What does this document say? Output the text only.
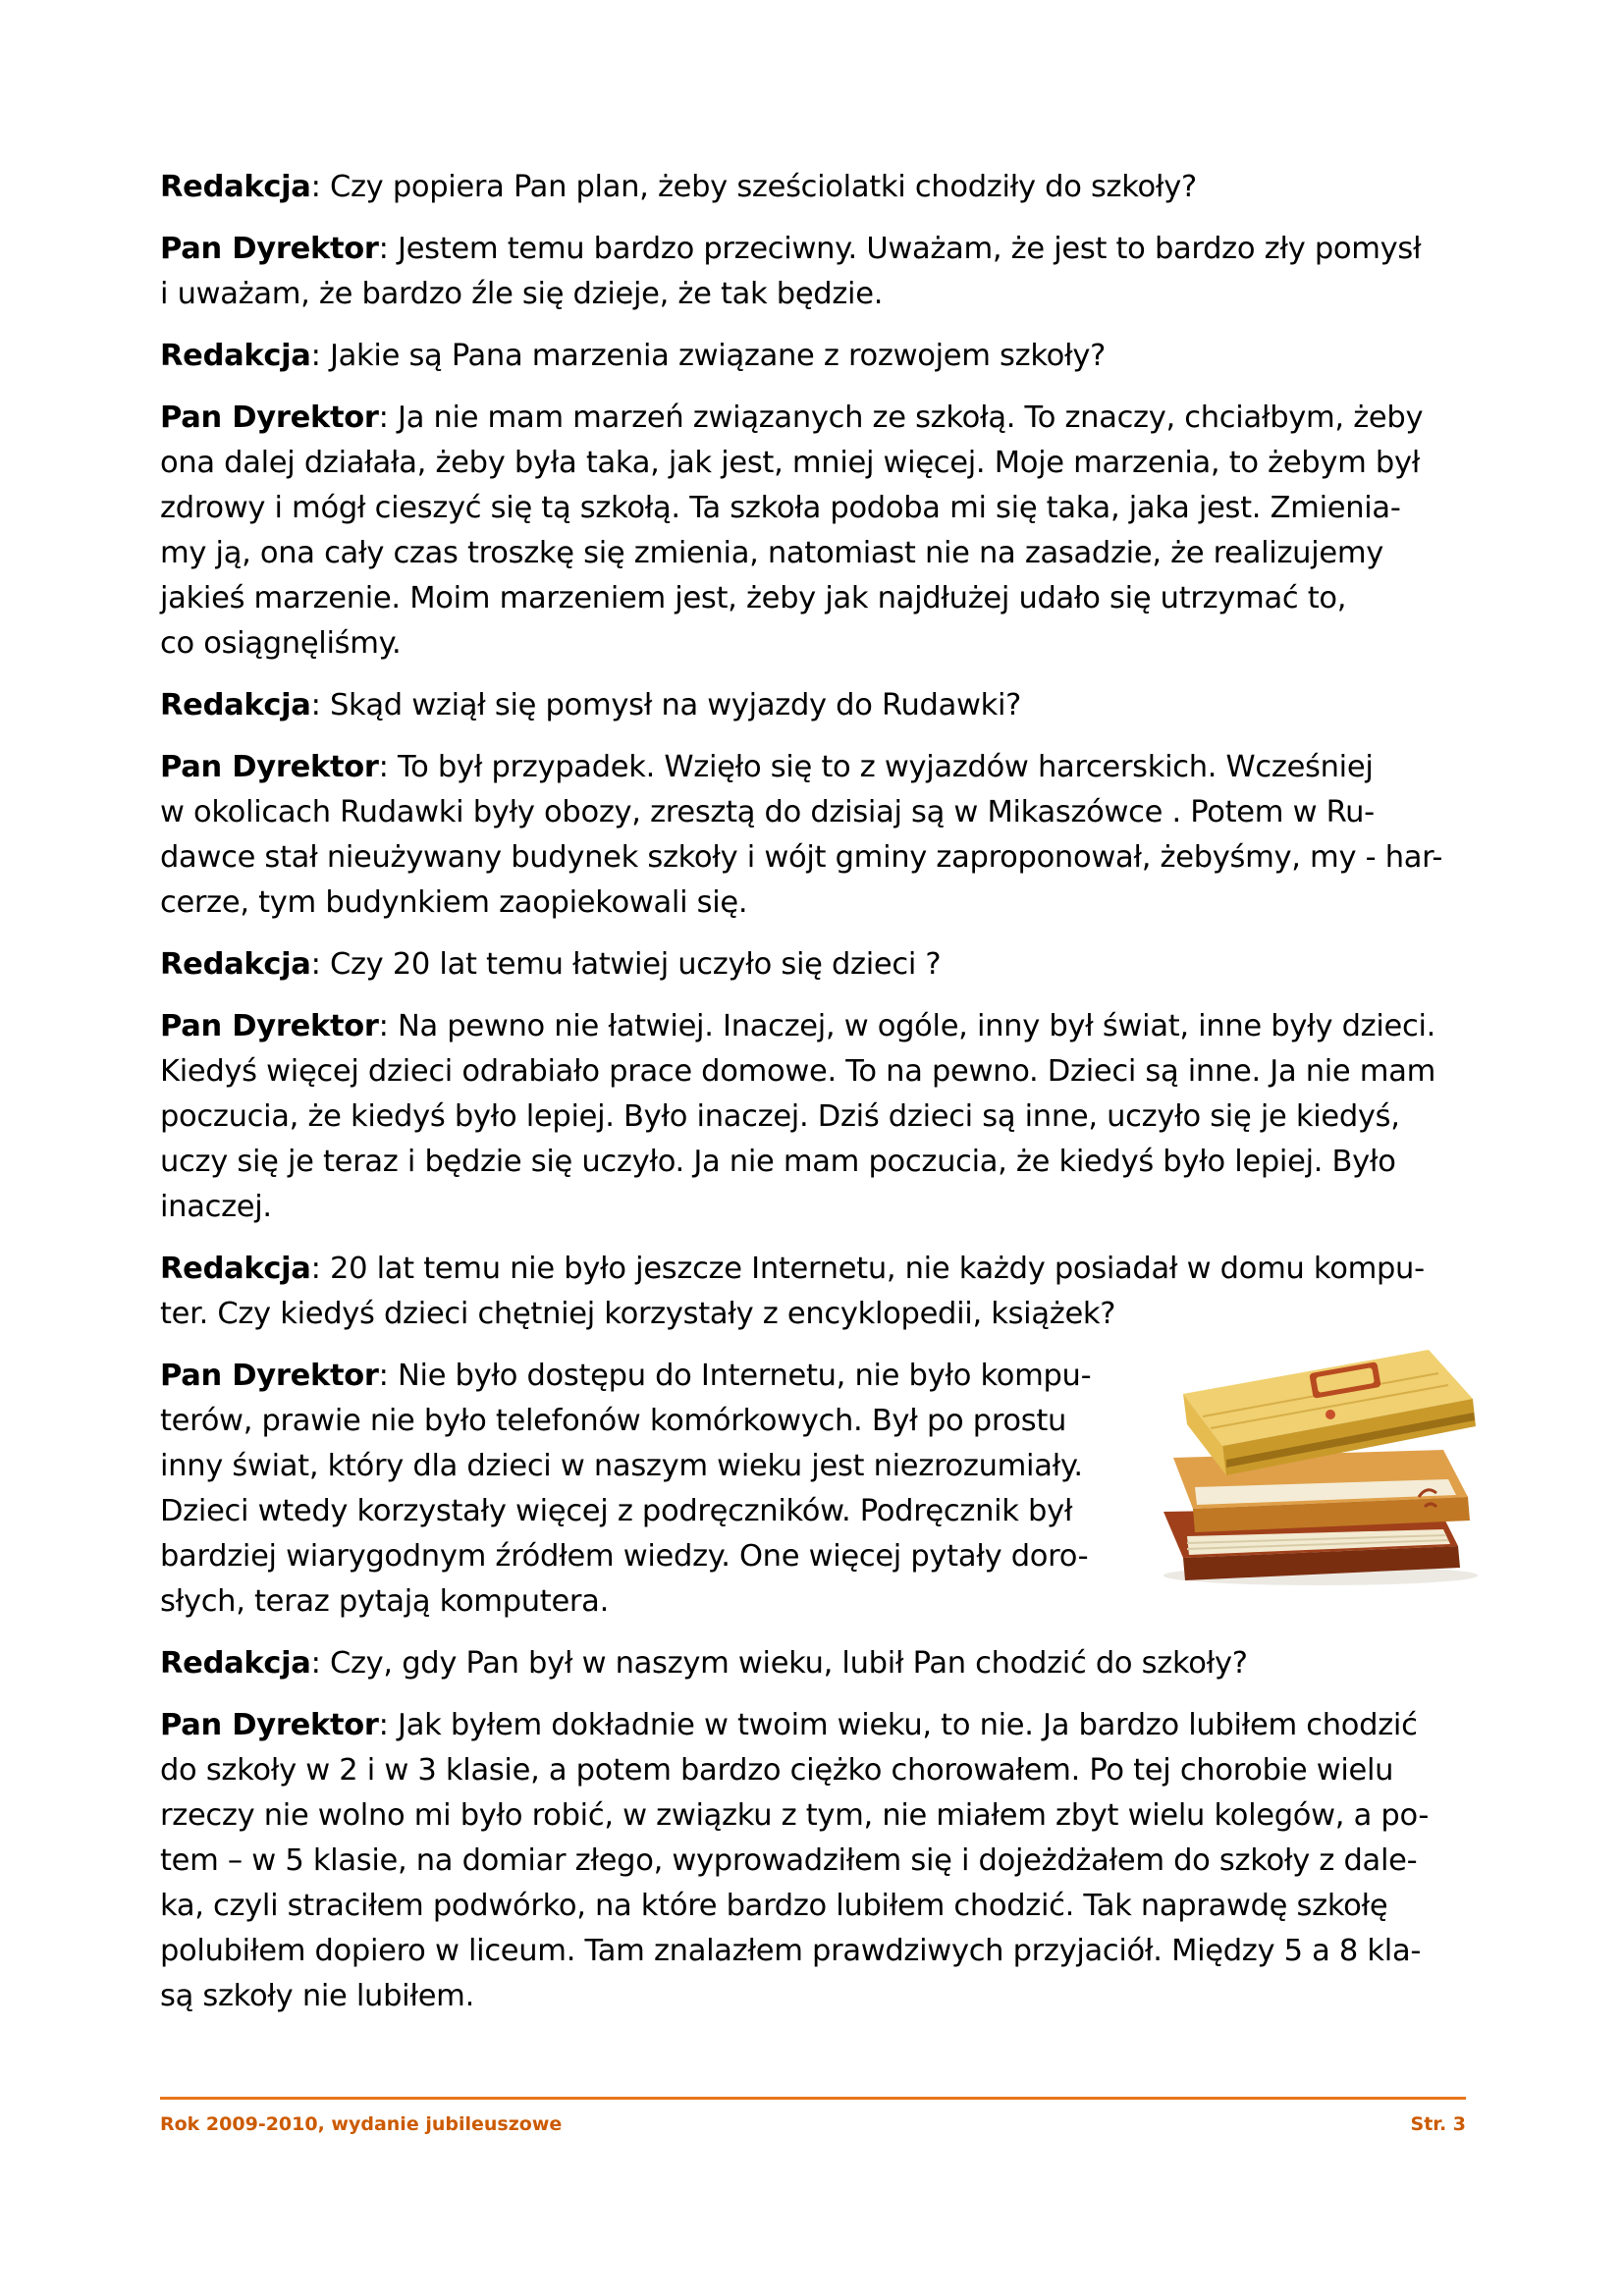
Redakcja: Czy popiera Pan plan, żeby sześciolatki chodziły do szkoły?
Pan Dyrektor: Jestem temu bardzo przeciwny. Uważam, że jest to bardzo zły pomysł
i uważam, że bardzo źle się dzieje, że tak będzie.
Redakcja: Jakie są Pana marzenia związane z rozwojem szkoły?
Pan Dyrektor: Ja nie mam marzeń związanych ze szkołą. To znaczy, chciałbym, żeby
ona dalej działała, żeby była taka, jak jest, mniej więcej. Moje marzenia, to żebym był
zdrowy i mógł cieszyć się tą szkołą. Ta szkoła podoba mi się taka, jaka jest. Zmienia-
my ją, ona cały czas troszkę się zmienia, natomiast nie na zasadzie, że realizujemy
jakieś marzenie. Moim marzeniem jest, żeby jak najdłużej udało się utrzymać to,
co osiągnęliśmy.
Redakcja: Skąd wziął się pomysł na wyjazdy do Rudawki?
Pan Dyrektor: To był przypadek. Wzięło się to z wyjazdów harcerskich. Wcześniej
w okolicach Rudawki były obozy, zresztą do dzisiaj są w Mikaszówce . Potem w Ru-
dawce stał nieużywany budynek szkoły i wójt gminy zaproponował, żebyśmy, my - har-
cerze, tym budynkiem zaopiekowali się.
Redakcja: Czy 20 lat temu łatwiej uczyło się dzieci ?
Pan Dyrektor: Na pewno nie łatwiej. Inaczej, w ogóle, inny był świat, inne były dzieci.
Kiedyś więcej dzieci odrabiało prace domowe. To na pewno. Dzieci są inne. Ja nie mam
poczucia, że kiedyś było lepiej. Było inaczej. Dziś dzieci są inne, uczyło się je kiedyś,
uczy się je teraz i będzie się uczyło. Ja nie mam poczucia, że kiedyś było lepiej. Było
inaczej.
Redakcja: 20 lat temu nie było jeszcze Internetu, nie każdy posiadał w domu kompu-
ter. Czy kiedyś dzieci chętniej korzystały z encyklopedii, książek?
Pan Dyrektor: Nie było dostępu do Internetu, nie było kompu-
terów, prawie nie było telefonów komórkowych. Był po prostu
inny świat, który dla dzieci w naszym wieku jest niezrozumiały.
Dzieci wtedy korzystały więcej z podręczników. Podręcznik był
bardziej wiarygodnym źródłem wiedzy. One więcej pytały doro-
słych, teraz pytają komputera.
Redakcja: Czy, gdy Pan był w naszym wieku, lubił Pan chodzić do szkoły?
Pan Dyrektor: Jak byłem dokładnie w twoim wieku, to nie. Ja bardzo lubiłem chodzić
do szkoły w 2 i w 3 klasie, a potem bardzo ciężko chorowałem. Po tej chorobie wielu
rzeczy nie wolno mi było robić, w związku z tym, nie miałem zbyt wielu kolegów, a po-
tem – w 5 klasie, na domiar złego, wyprowadziłem się i dojeżdżałem do szkoły z dale-
ka, czyli straciłem podwórko, na które bardzo lubiłem chodzić. Tak naprawdę szkołę
polubiłem dopiero w liceum. Tam znalazłem prawdziwych przyjaciół. Między 5 a 8 kla-
są szkoły nie lubiłem.
Rok 2009-2010, wydanie jubileuszowe	Str. 3
